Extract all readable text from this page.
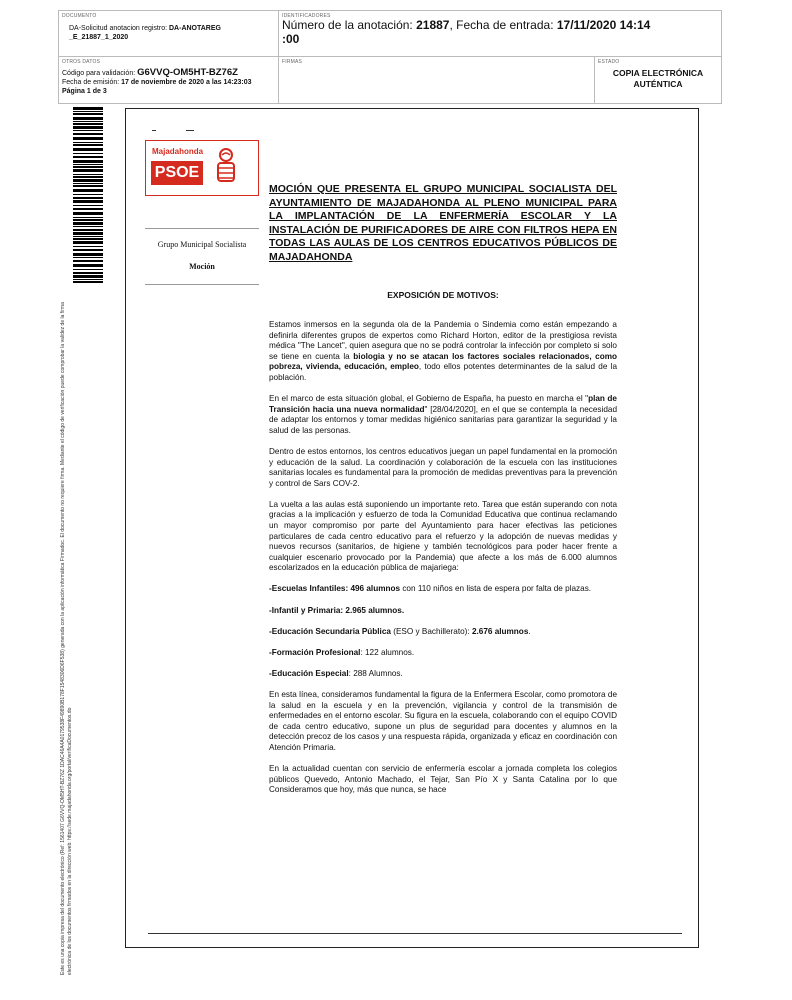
DOCUMENTO
DA-Solicitud anotacion registro: DA-ANOTAREG
_E_21887_1_2020
IDENTIFICADORES
Número de la anotación: 21887, Fecha de entrada: 17/11/2020 14:14
:00
OTROS DATOS
Código para validación: G6VVQ-OM5HT-BZ76Z
Fecha de emisión: 17 de noviembre de 2020 a las 14:23:03
Página 1 de 3
FIRMAS	ESTADO
COPIA ELECTRÓNICA
AUTÉNTICA
Este es una copia impresa del documento electrónico (Ref: 1561407 G6VVQ-OM5HT-BZ76Z 1DAC46A4A0179538F49890B178F1548306D6F538) generada con la aplicación informática Firmadoc. El documento no requiere firma. Mediante el código de verificación puede comprobar la validez de la firma electrónica de los documentos firmados en la dirección web: https://sede.majadahonda.org/portal/verificaDocumentos.do
Majadahonda
PSOE
Grupo Municipal Socialista
Moción
MOCIÓN QUE PRESENTA EL GRUPO MUNICIPAL SOCIALISTA DEL AYUNTAMIENTO DE MAJADAHONDA AL PLENO MUNICIPAL PARA LA IMPLANTACIÓN DE LA ENFERMERÍA ESCOLAR Y LA INSTALACIÓN DE PURIFICADORES DE AIRE CON FILTROS HEPA EN TODAS LAS AULAS DE LOS CENTROS EDUCATIVOS PÚBLICOS DE MAJADAHONDA
EXPOSICIÓN DE MOTIVOS:

Estamos inmersos en la segunda ola de la Pandemia o Sindemia como están empezando a definirla diferentes grupos de expertos como Richard Horton, editor de la prestigiosa revista médica "The Lancet", quien asegura que no se podrá controlar la infección por completo si solo se tiene en cuenta la biologia y no se atacan los factores sociales relacionados, como pobreza, vivienda, educación, empleo, todo ellos potentes determinantes de la salud de la población.

En el marco de esta situación global, el Gobierno de España, ha puesto en marcha el "plan de Transición hacia una nueva normalidad" [28/04/2020], en el que se contempla la necesidad de adaptar los entornos y tomar medidas higiénico sanitarias para garantizar la seguridad y la salud de las personas.

Dentro de estos entornos, los centros educativos juegan un papel fundamental en la promoción y educación de la salud. La coordinación y colaboración de la escuela con las instituciones sanitarias locales es fundamental para la promoción de medidas preventivas para la prevención y control de Sars COV-2.

La vuelta a las aulas está suponiendo un importante reto. Tarea que están superando con nota gracias a la implicación y esfuerzo de toda la Comunidad Educativa que continua reclamando un mayor compromiso por parte del Ayuntamiento para hacer efectivas las peticiones particulares de cada centro educativo para el refuerzo y la adopción de nuevas medidas y nuevos recursos (sanitarios, de higiene y también tecnológicos para poder hacer frente a cualquier escenario provocado por la Pandemia) que afecte a los más de 6.000 alumnos escolarizados en la educación pública de majariega:

-Escuelas Infantiles: 496 alumnos con 110 niños en lista de espera por falta de plazas.

-Infantil y Primaria: 2.965 alumnos.

-Educación Secundaria Pública (ESO y Bachillerato): 2.676 alumnos.

-Formación Profesional: 122 alumnos.

-Educación Especial: 288 Alumnos.

En esta línea, consideramos fundamental la figura de la Enfermera Escolar, como promotora de la salud en la escuela y en la prevención, vigilancia y control de la transmisión de enfermedades en el entorno escolar. Su figura en la escuela, colaborando con el equipo COVID de cada centro educativo, supone un plus de seguridad para docentes y alumnos en la detección precoz de los casos y una respuesta rápida, organizada y eficaz en coordinación con Atención Primaria.

En la actualidad cuentan con servicio de enfermería escolar a jornada completa los colegios públicos Quevedo, Antonio Machado, el Tejar, San Pío X y Santa Catalina por lo que Consideramos que hoy, más que nunca, se hace
